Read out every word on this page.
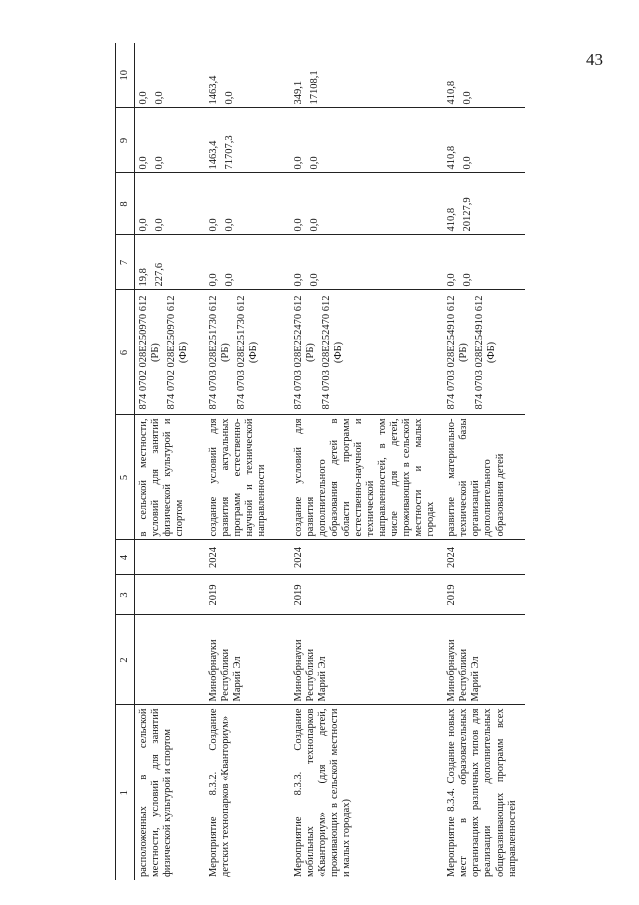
43
1	2	3	4	5	6	7	8	9	10
расположенных в сельской местности, условий для занятий физической культурой и спортом				в сельской местности, условий для занятий физической культурой и спортом	874 0702 028E250970 612 (РБ) 874 0702 028E250970 612 (ФБ)	19,8 227,6	0,0 0,0	0,0 0,0	0,0 0,0

Мероприятие 8.3.2. Создание детских технопарков «Кванториум»	Минобрнауки Республики Марий Эл	2019	2024	создание условий для развития актуальных программ естественно-научной и технической направленности	874 0703 028E251730 612 (РБ) 874 0703 028E251730 612 (ФБ)	0,0 0,0	0,0 0,0	1463,4 71707,3	1463,4 0,0

Мероприятие 8.3.3. Создание мобильных технопарков «Кванториум» (для детей, проживающих в сельской местности и малых городах)	Минобрнауки Республики Марий Эл	2019	2024	создание условий для развития дополнительного образования детей в области программ естественно-научной и технической направленностей, в том числе для детей, проживающих в сельской местности и малых городах	874 0703 028E252470 612 (РБ) 874 0703 028E252470 612 (ФБ)	0,0 0,0	0,0 0,0	0,0 0,0	349,1 17108,1

Мероприятие 8.3.4. Создание новых мест в образовательных организациях различных типов для реализации дополнительных общеразвивающих программ всех направленностей	Минобрнауки Республики Марий Эл	2019	2024	развитие материально-технической базы организаций дополнительного образования детей	874 0703 028E254910 612 (РБ) 874 0703 028E254910 612 (ФБ)	0,0 0,0	410,8 20127,9	410,8 0,0	410,8 0,0
